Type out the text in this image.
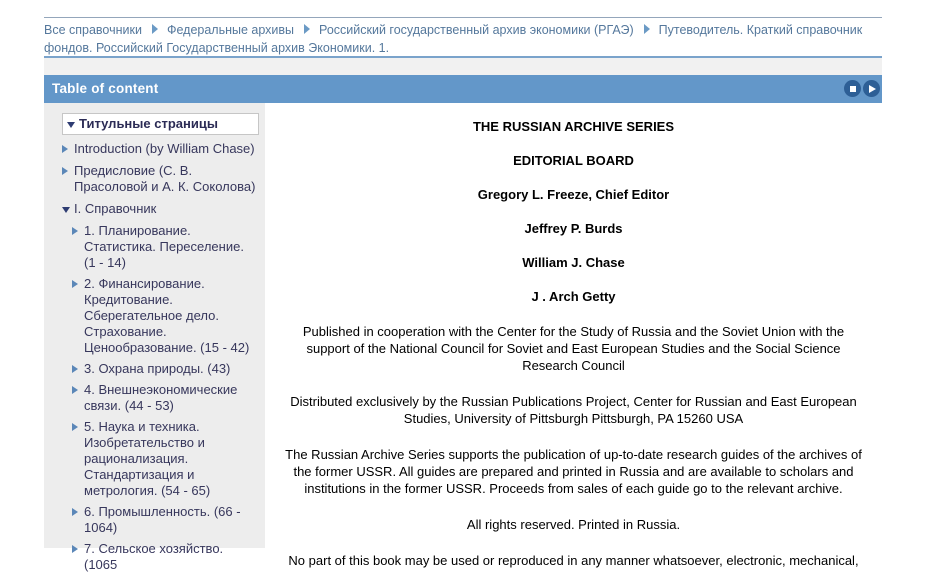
Все справочники Федеральные архивы Российский государственный архив экономики (РГАЭ) Путеводитель. Краткий справочник фондов. Российский Государственный архив Экономики. 1.
Table of content
Титульные страницы
Introduction (by William Chase)
Предисловие (С. В. Прасоловой и А. К. Соколова)
I. Справочник
1. Планирование. Статистика. Переселение. (1 - 14)
2. Финансирование. Кредитование. Сберегательное дело. Страхование. Ценообразование. (15 - 42)
3. Охрана природы. (43)
4. Внешнеэкономические связи. (44 - 53)
5. Наука и техника. Изобретательство и рационализация. Стандартизация и метрология. (54 - 65)
6. Промышленность. (66 - 1064)
7. Сельское хозяйство. (1065
THE RUSSIAN ARCHIVE SERIES
EDITORIAL BOARD
Gregory L. Freeze, Chief Editor
Jeffrey P. Burds
William J. Chase
J . Arch Getty
Published in cooperation with the Center for the Study of Russia and the Soviet Union with the support of the National Council for Soviet and East European Studies and the Social Science Research Council
Distributed exclusively by the Russian Publications Project, Center for Russian and East European Studies, University of Pittsburgh Pittsburgh, PA 15260 USA
The Russian Archive Series supports the publication of up-to-date research guides of the archives of the former USSR. All guides are prepared and printed in Russia and are available to scholars and institutions in the former USSR. Proceeds from sales of each guide go to the relevant archive.
All rights reserved. Printed in Russia.
No part of this book may be used or reproduced in any manner whatsoever, electronic, mechanical,
